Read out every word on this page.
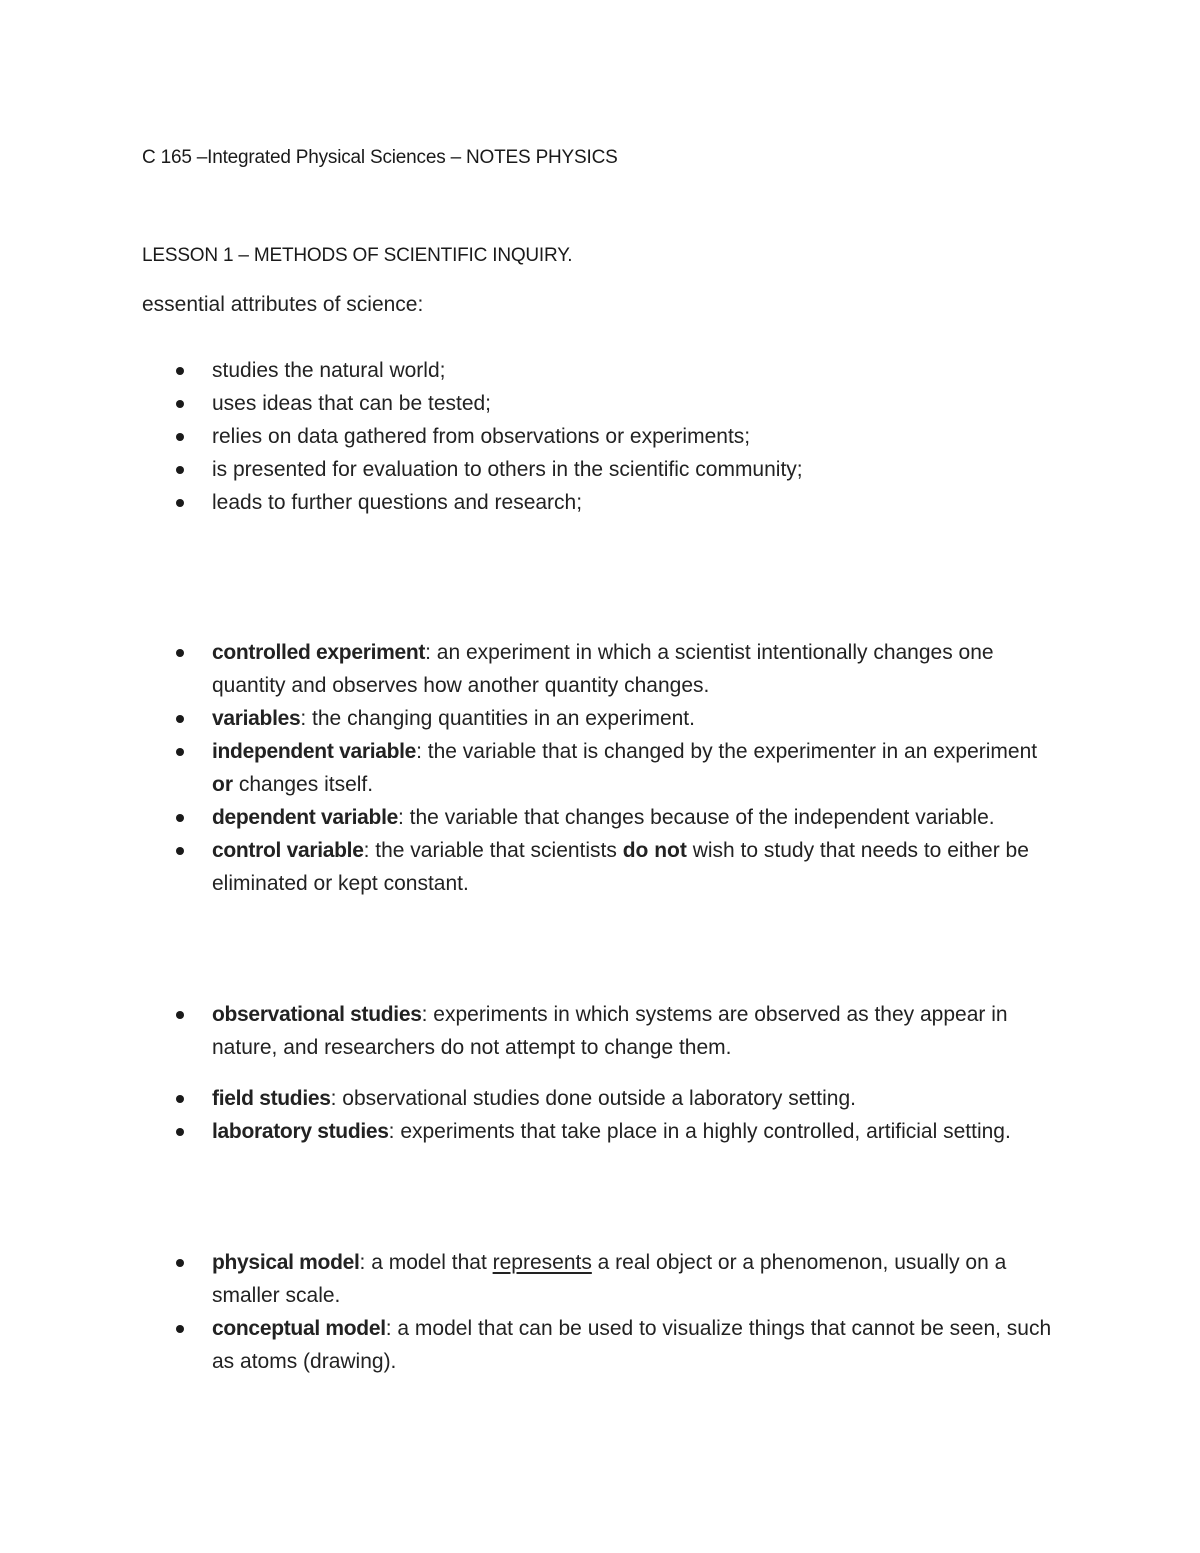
C 165 –Integrated Physical Sciences – NOTES PHYSICS
LESSON 1 – METHODS OF SCIENTIFIC INQUIRY.
essential attributes of science:
studies the natural world;
uses ideas that can be tested;
relies on data gathered from observations or experiments;
is presented for evaluation to others in the scientific community;
leads to further questions and research;
controlled experiment: an experiment in which a scientist intentionally changes one quantity and observes how another quantity changes.
variables: the changing quantities in an experiment.
independent variable: the variable that is changed by the experimenter in an experiment or changes itself.
dependent variable: the variable that changes because of the independent variable.
control variable: the variable that scientists do not wish to study that needs to either be eliminated or kept constant.
observational studies: experiments in which systems are observed as they appear in nature, and researchers do not attempt to change them.
field studies: observational studies done outside a laboratory setting.
laboratory studies: experiments that take place in a highly controlled, artificial setting.
physical model: a model that represents a real object or a phenomenon, usually on a smaller scale.
conceptual model: a model that can be used to visualize things that cannot be seen, such as atoms (drawing).
